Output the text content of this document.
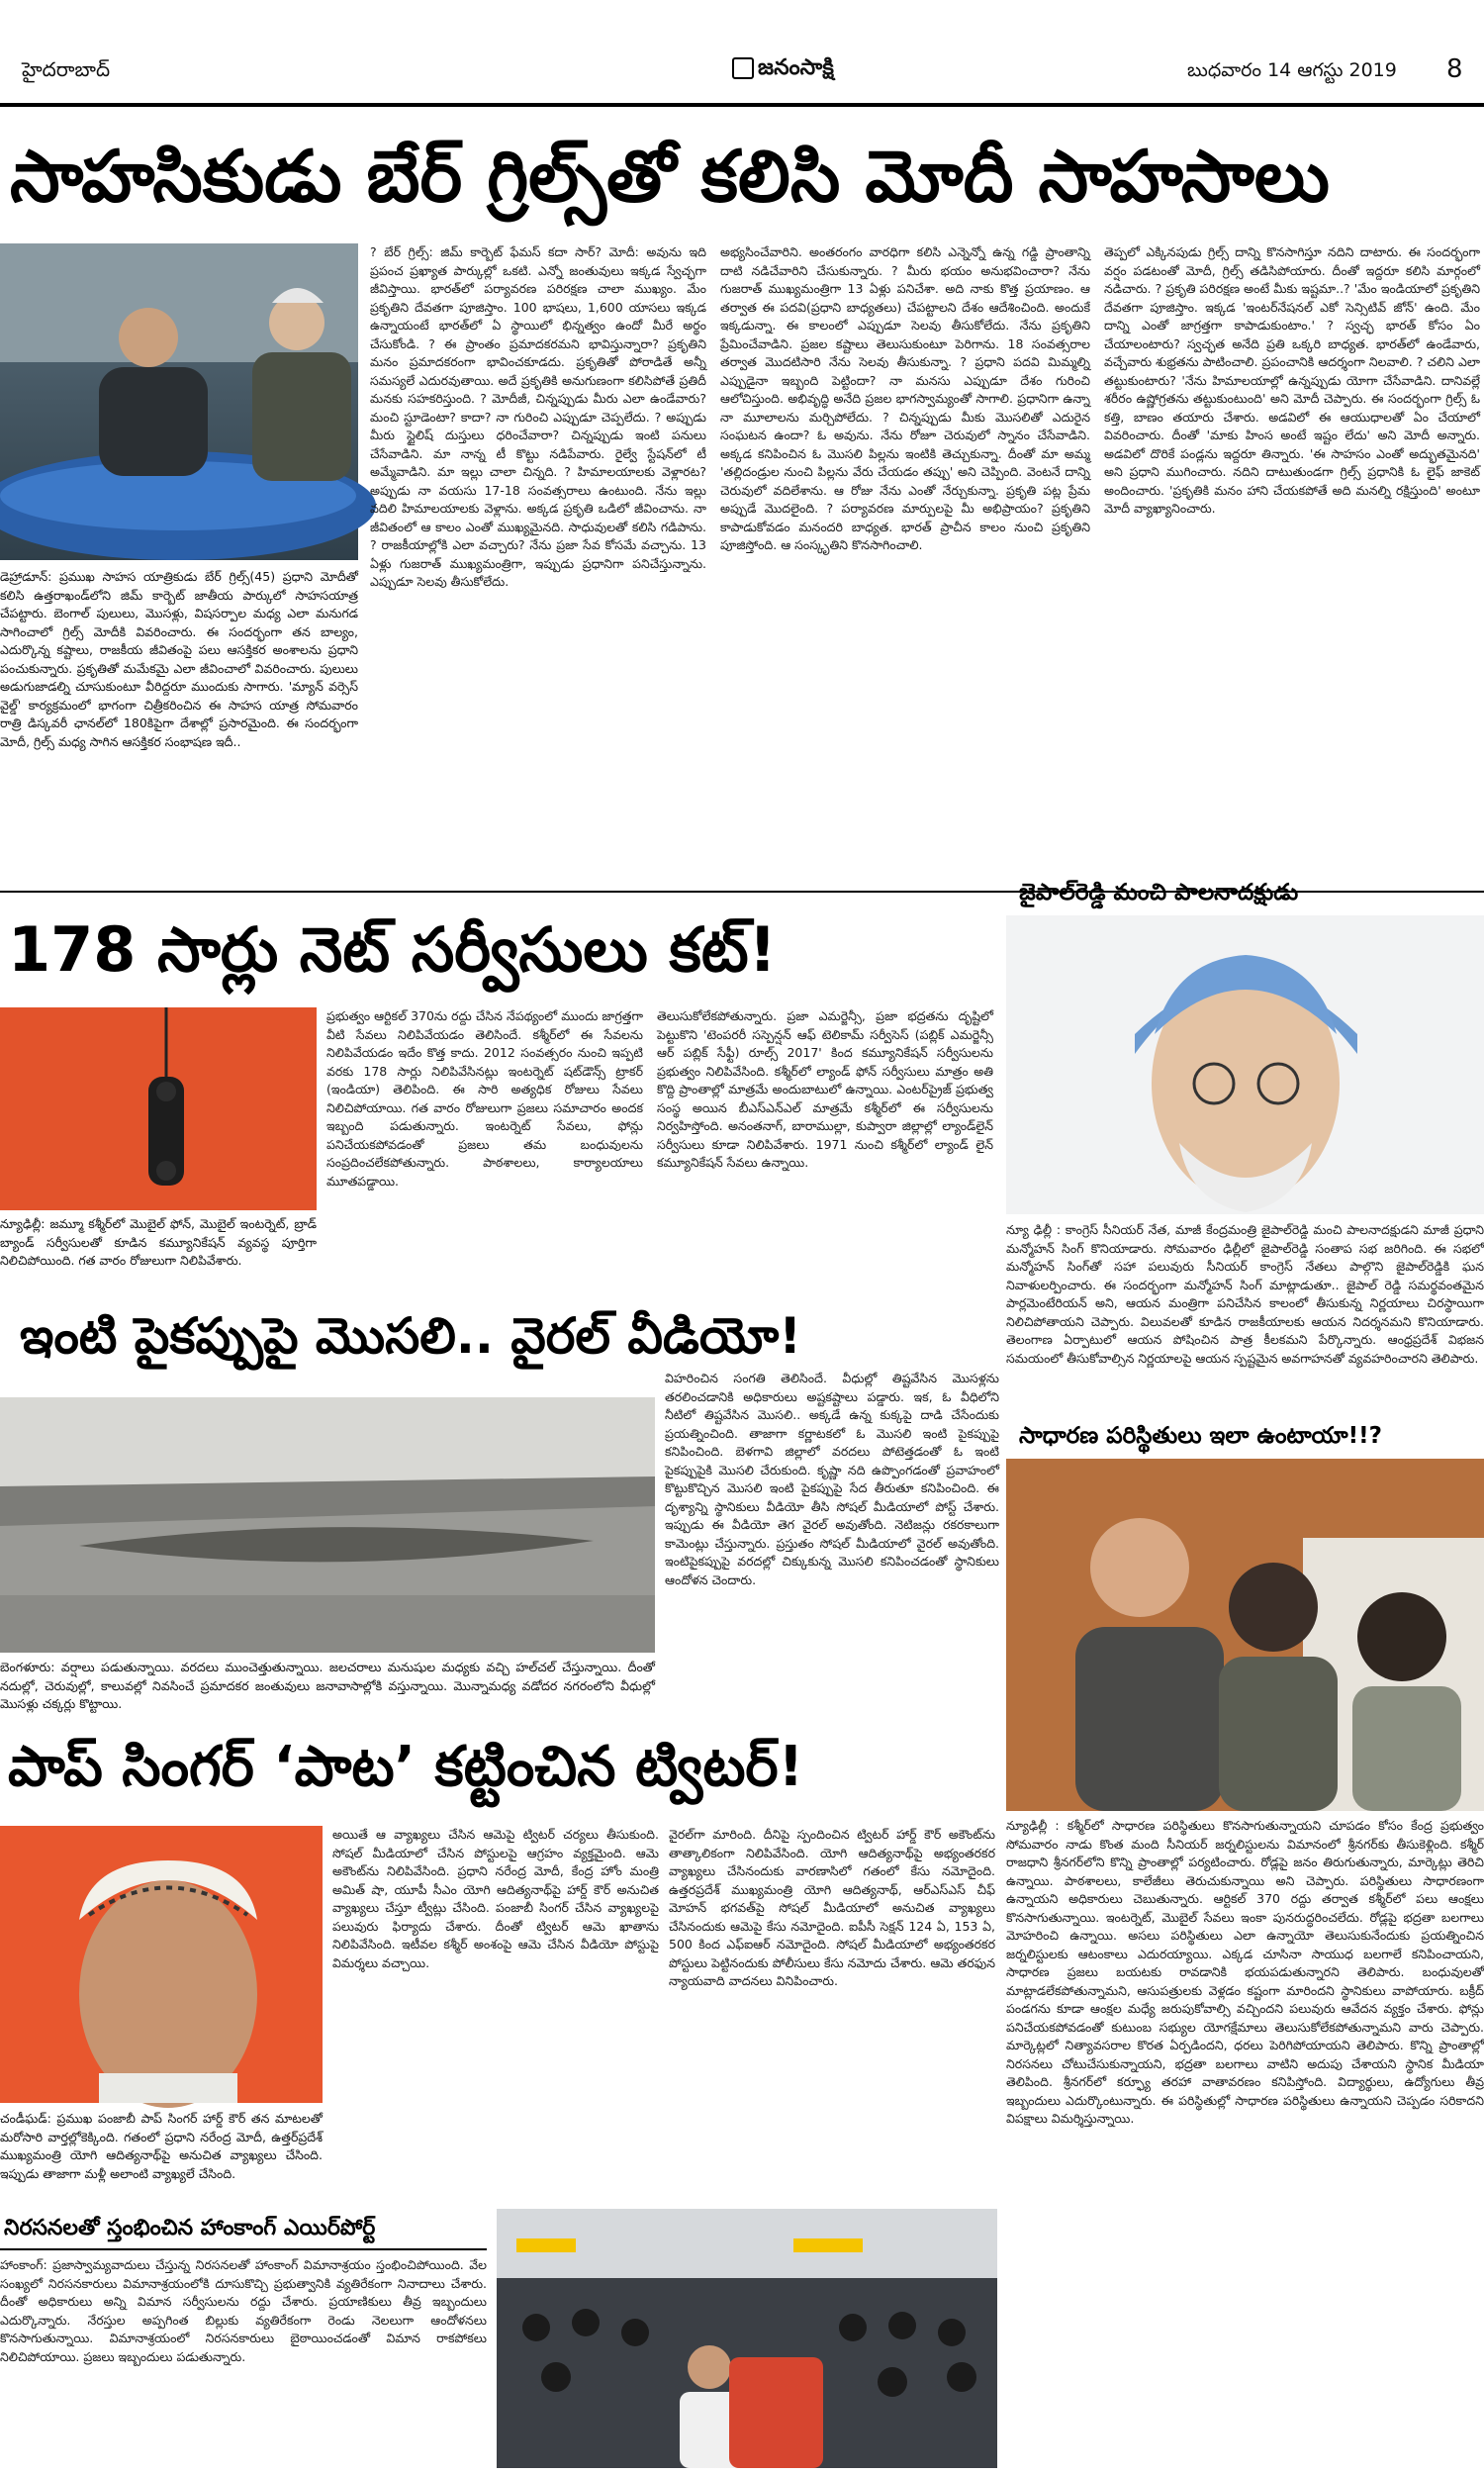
హైదరాబాద్	జనంసాక్షి	బుధవారం 14 ఆగస్టు 2019 8
సాహసికుడు బేర్ గ్రిల్స్‌తో కలిసి మోదీ సాహసాలు
డెహ్రాడూన్: ప్రముఖ సాహస యాత్రికుడు బేర్ గ్రిల్స్(45) ప్రధాని మోదీతో కలిసి ఉత్తరాఖండ్‌లోని జిమ్ కార్బెట్ జాతీయ పార్కులో సాహసయాత్ర చేపట్టారు. బెంగాల్ పులులు, మొసళ్లు, విషసర్పాల మధ్య ఎలా మనుగడ సాగించాలో గ్రిల్స్ మోదీకి వివరించారు. ఈ సందర్భంగా తన బాల్యం, ఎదుర్కొన్న కష్టాలు, రాజకీయ జీవితంపై పలు ఆసక్తికర అంశాలను ప్రధాని పంచుకున్నారు. ప్రకృతితో మమేకమై ఎలా జీవించాలో వివరించారు. పులులు అడుగుజాడల్ని చూసుకుంటూ వీరిద్దరూ ముందుకు సాగారు. 'మ్యాన్ వర్సెస్ వైల్డ్' కార్యక్రమంలో భాగంగా చిత్రీకరించిన ఈ సాహస యాత్ర సోమవారం రాత్రి డిస్కవరీ ఛానల్‌లో 180కిపైగా దేశాల్లో ప్రసారమైంది. ఈ సందర్భంగా మోదీ, గ్రిల్స్ మధ్య సాగిన ఆసక్తికర సంభాషణ ఇదీ..
? బేర్ గ్రిల్స్: జిమ్ కార్బెట్ ఫేమస్ కదా సార్? మోదీ: అవును ఇది ప్రపంచ ప్రఖ్యాత పార్కుల్లో ఒకటి. ఎన్నో జంతువులు ఇక్కడ స్వేచ్ఛగా జీవిస్తాయి. భారత్‌లో పర్యావరణ పరిరక్షణ చాలా ముఖ్యం. మేం ప్రకృతిని దేవతగా పూజిస్తాం. 100 భాషలు, 1,600 యాసలు ఇక్కడ ఉన్నాయంటే భారత్‌లో ఏ స్థాయిలో భిన్నత్వం ఉందో మీరే అర్థం చేసుకోండి. ? ఈ ప్రాంతం ప్రమాదకరమని భావిస్తున్నారా? ప్రకృతిని మనం ప్రమాదకరంగా భావించకూడదు. ప్రకృతితో పోరాడితే అన్నీ సమస్యలే ఎదురవుతాయి. అదే ప్రకృతికి అనుగుణంగా కలిసిపోతే ప్రతిదీ మనకు సహకరిస్తుంది. ? మోదీజీ, చిన్నప్పుడు మీరు ఎలా ఉండేవారు? మంచి స్టూడెంటా? కాదా? నా గురించి ఎప్పుడూ చెప్పలేదు. ? అప్పుడు మీరు స్టైలిష్ దుస్తులు ధరించేవారా? చిన్నప్పుడు ఇంటి పనులు చేసేవాడిని. మా నాన్న టీ కొట్టు నడిపేవారు. రైల్వే స్టేషన్‌లో టీ అమ్మేవాడిని. మా ఇల్లు చాలా చిన్నది. ? హిమాలయాలకు వెళ్లారట? అప్పుడు నా వయసు 17-18 సంవత్సరాలు ఉంటుంది. నేను ఇల్లు వదిలి హిమాలయాలకు వెళ్లాను. అక్కడ ప్రకృతి ఒడిలో జీవించాను. నా జీవితంలో ఆ కాలం ఎంతో ముఖ్యమైనది. సాధువులతో కలిసి గడిపాను. ? రాజకీయాల్లోకి ఎలా వచ్చారు? నేను ప్రజా సేవ కోసమే వచ్చాను. 13 ఏళ్లు గుజరాత్ ముఖ్యమంత్రిగా, ఇప్పుడు ప్రధానిగా పనిచేస్తున్నాను. ఎప్పుడూ సెలవు తీసుకోలేదు.
అభ్యసించేవారిని. అంతరంగం వారధిగా కలిసి ఎన్నెన్నో ఉన్న గడ్డి ప్రాంతాన్ని దాటి నడిచేవారిని చేసుకున్నారు. ? మీరు భయం అనుభవించారా? నేను గుజరాత్ ముఖ్యమంత్రిగా 13 ఏళ్లు పనిచేశా. అది నాకు కొత్త ప్రయాణం. ఆ తర్వాత ఈ పదవి(ప్రధాని బాధ్యతలు) చేపట్టాలని దేశం ఆదేశించింది. అందుకే ఇక్కడున్నా. ఈ కాలంలో ఎప్పుడూ సెలవు తీసుకోలేదు. నేను ప్రకృతిని ప్రేమించేవాడిని. ప్రజల కష్టాలు తెలుసుకుంటూ పెరిగాను. 18 సంవత్సరాల తర్వాత మొదటిసారి నేను సెలవు తీసుకున్నా. ? ప్రధాని పదవి మిమ్మల్ని ఎప్పుడైనా ఇబ్బంది పెట్టిందా? నా మనసు ఎప్పుడూ దేశం గురించి ఆలోచిస్తుంది. అభివృద్ధి అనేది ప్రజల భాగస్వామ్యంతో సాగాలి. ప్రధానిగా ఉన్నా నా మూలాలను మర్చిపోలేదు. ? చిన్నప్పుడు మీకు మొసలితో ఎదురైన సంఘటన ఉందా? ఓ అవును. నేను రోజూ చెరువులో స్నానం చేసేవాడిని. అక్కడ కనిపించిన ఓ మొసలి పిల్లను ఇంటికి తెచ్చుకున్నా. దీంతో మా అమ్మ 'తల్లిదండ్రుల నుంచి పిల్లను వేరు చేయడం తప్పు' అని చెప్పింది. వెంటనే దాన్ని చెరువులో వదిలేశాను. ఆ రోజు నేను ఎంతో నేర్చుకున్నా. ప్రకృతి పట్ల ప్రేమ అప్పుడే మొదలైంది. ? పర్యావరణ మార్పులపై మీ అభిప్రాయం? ప్రకృతిని కాపాడుకోవడం మనందరి బాధ్యత. భారత్ ప్రాచీన కాలం నుంచి ప్రకృతిని పూజిస్తోంది. ఆ సంస్కృతిని కొనసాగించాలి.
తెప్పలో ఎక్కినపుడు గ్రిల్స్ దాన్ని కొనసాగిస్తూ నదిని దాటారు. ఈ సందర్భంగా వర్షం పడటంతో మోదీ, గ్రిల్స్ తడిసిపోయారు. దీంతో ఇద్దరూ కలిసి మార్గంలో నడిచారు. ? ప్రకృతి పరిరక్షణ అంటే మీకు ఇష్టమా..? 'మేం ఇండియాలో ప్రకృతిని దేవతగా పూజిస్తాం. ఇక్కడ 'ఇంటర్‌నేషనల్ ఎకో సెన్సిటివ్ జోన్' ఉంది. మేం దాన్ని ఎంతో జాగ్రత్తగా కాపాడుకుంటాం.' ? స్వచ్ఛ భారత్ కోసం ఏం చేయాలంటారు? స్వచ్ఛత అనేది ప్రతి ఒక్కరి బాధ్యత. భారత్‌లో ఉండేవారు, వచ్చేవారు శుభ్రతను పాటించాలి. ప్రపంచానికి ఆదర్శంగా నిలవాలి. ? చలిని ఎలా తట్టుకుంటారు? 'నేను హిమాలయాల్లో ఉన్నప్పుడు యోగా చేసేవాడిని. దానివల్లే శరీరం ఉష్ణోగ్రతను తట్టుకుంటుంది' అని మోదీ చెప్పారు. ఈ సందర్భంగా గ్రిల్స్ ఓ కత్తి, బాణం తయారు చేశారు. అడవిలో ఈ ఆయుధాలతో ఏం చేయాలో వివరించారు. దీంతో 'మాకు హింస అంటే ఇష్టం లేదు' అని మోదీ అన్నారు. అడవిలో దొరికే పండ్లను ఇద్దరూ తిన్నారు. 'ఈ సాహసం ఎంతో అద్భుతమైనది' అని ప్రధాని ముగించారు. నదిని దాటుతుండగా గ్రిల్స్ ప్రధానికి ఓ లైఫ్ జాకెట్ అందించారు. 'ప్రకృతికి మనం హాని చేయకపోతే అది మనల్ని రక్షిస్తుంది' అంటూ మోదీ వ్యాఖ్యానించారు.
178 సార్లు నెట్ సర్వీసులు కట్!
న్యూఢిల్లీ: జమ్మూ కశ్మీర్‌లో మొబైల్ ఫోన్, మొబైల్ ఇంటర్నెట్, బ్రాడ్ బ్యాండ్ సర్వీసులతో కూడిన కమ్యూనికేషన్ వ్యవస్థ పూర్తిగా నిలిచిపోయింది. గత వారం రోజులుగా నిలిపివేశారు.
ప్రభుత్వం ఆర్టికల్ 370ను రద్దు చేసిన నేపథ్యంలో ముందు జాగ్రత్తగా వీటి సేవలు నిలిపివేయడం తెలిసిందే. కశ్మీర్‌లో ఈ సేవలను నిలిపివేయడం ఇదేం కొత్త కాదు. 2012 సంవత్సరం నుంచి ఇప్పటి వరకు 178 సార్లు నిలిపివేసినట్లు ఇంటర్నెట్ షట్‌డౌన్స్ ట్రాకర్ (ఇండియా) తెలిపింది. ఈ సారి అత్యధిక రోజులు సేవలు నిలిచిపోయాయి. గత వారం రోజులుగా ప్రజలు సమాచారం అందక ఇబ్బంది పడుతున్నారు. ఇంటర్నెట్ సేవలు, ఫోన్లు పనిచేయకపోవడంతో ప్రజలు తమ బంధువులను సంప్రదించలేకపోతున్నారు. పాఠశాలలు, కార్యాలయాలు మూతపడ్డాయి.
తెలుసుకోలేకపోతున్నారు. ప్రజా ఎమర్జెన్సీ, ప్రజా భద్రతను దృష్టిలో పెట్టుకొని 'టెంపరరీ సస్పెన్షన్ ఆఫ్ టెలికామ్ సర్వీసెస్ (పబ్లిక్ ఎమర్జెన్సీ ఆర్ పబ్లిక్ సేఫ్టీ) రూల్స్ 2017' కింద కమ్యూనికేషన్ సర్వీసులను ప్రభుత్వం నిలిపివేసింది. కశ్మీర్‌లో ల్యాండ్ ఫోన్ సర్వీసులు మాత్రం అతి కొద్ది ప్రాంతాల్లో మాత్రమే అందుబాటులో ఉన్నాయి. ఎంటర్‌ప్రైజ్ ప్రభుత్వ సంస్థ అయిన బీఎస్ఎన్ఎల్ మాత్రమే కశ్మీర్‌లో ఈ సర్వీసులను నిర్వహిస్తోంది. అనంతనాగ్, బారాముల్లా, కుప్వారా జిల్లాల్లో ల్యాండ్‌లైన్ సర్వీసులు కూడా నిలిపివేశారు. 1971 నుంచి కశ్మీర్‌లో ల్యాండ్ లైన్ కమ్యూనికేషన్ సేవలు ఉన్నాయి.
జైపాల్‌రెడ్డి మంచి పాలనాదక్షుడు
న్యూ ఢిల్లీ : కాంగ్రెస్ సీనియర్ నేత, మాజీ కేంద్రమంత్రి జైపాల్‌రెడ్డి మంచి పాలనాదక్షుడని మాజీ ప్రధాని మన్మోహన్ సింగ్ కొనియాడారు. సోమవారం ఢిల్లీలో జైపాల్‌రెడ్డి సంతాప సభ జరిగింది. ఈ సభలో మన్మోహన్ సింగ్‌తో సహా పలువురు సీనియర్ కాంగ్రెస్ నేతలు పాల్గొని జైపాల్‌రెడ్డికి ఘన నివాళులర్పించారు. ఈ సందర్భంగా మన్మోహన్ సింగ్ మాట్లాడుతూ.. జైపాల్ రెడ్డి సమర్థవంతమైన పార్లమెంటేరియన్ అని, ఆయన మంత్రిగా పనిచేసిన కాలంలో తీసుకున్న నిర్ణయాలు చిరస్థాయిగా నిలిచిపోతాయని చెప్పారు. విలువలతో కూడిన రాజకీయాలకు ఆయన నిదర్శనమని కొనియాడారు. తెలంగాణ ఏర్పాటులో ఆయన పోషించిన పాత్ర కీలకమని పేర్కొన్నారు. ఆంధ్రప్రదేశ్ విభజన సమయంలో తీసుకోవాల్సిన నిర్ణయాలపై ఆయన స్పష్టమైన అవగాహనతో వ్యవహరించారని తెలిపారు.
ఇంటి పైకప్పుపై మొసలి.. వైరల్ వీడియో!
బెంగళూరు: వర్షాలు పడుతున్నాయి. వరదలు ముంచెత్తుతున్నాయి. జలచరాలు మనుషుల మధ్యకు వచ్చి హల్‌చల్ చేస్తున్నాయి. దీంతో నదుల్లో, చెరువుల్లో, కాలువల్లో నివసించే ప్రమాదకర జంతువులు జనావాసాల్లోకి వస్తున్నాయి. మొన్నామధ్య వడోదర నగరంలోని వీధుల్లో మొసళ్లు చక్కర్లు కొట్టాయి.
విహరించిన సంగతి తెలిసిందే. వీధుల్లో తిష్టవేసిన మొసళ్లను తరలించడానికి అధికారులు అష్టకష్టాలు పడ్డారు. ఇక, ఓ వీధిలోని నీటిలో తిష్టవేసిన మొసలి.. అక్కడే ఉన్న కుక్కపై దాడి చేసేందుకు ప్రయత్నించింది. తాజాగా కర్ణాటకలో ఓ మొసలి ఇంటి పైకప్పుపై కనిపించింది. బెళగావి జిల్లాలో వరదలు పోటెత్తడంతో ఓ ఇంటి పైకప్పుపైకి మొసలి చేరుకుంది. కృష్ణా నది ఉప్పొంగడంతో ప్రవాహంలో కొట్టుకొచ్చిన మొసలి ఇంటి పైకప్పుపై సేద తీరుతూ కనిపించింది. ఈ దృశ్యాన్ని స్థానికులు వీడియో తీసి సోషల్ మీడియాలో పోస్ట్ చేశారు. ఇప్పుడు ఈ వీడియో తెగ వైరల్ అవుతోంది. నెటిజన్లు రకరకాలుగా కామెంట్లు చేస్తున్నారు. ప్రస్తుతం సోషల్ మీడియాలో వైరల్ అవుతోంది. ఇంటిపైకప్పుపై వరదల్లో చిక్కుకున్న మొసలి కనిపించడంతో స్థానికులు ఆందోళన చెందారు.
సాధారణ పరిస్థితులు ఇలా ఉంటాయా!!?
న్యూఢిల్లీ : కశ్మీర్‌లో సాధారణ పరిస్థితులు కొనసాగుతున్నాయని చూపడం కోసం కేంద్ర ప్రభుత్వం సోమవారం నాడు కొంత మంది సీనియర్ జర్నలిస్టులను విమానంలో శ్రీనగర్‌కు తీసుకెళ్లింది. కశ్మీర్ రాజధాని శ్రీనగర్‌లోని కొన్ని ప్రాంతాల్లో పర్యటించారు. రోడ్లపై జనం తిరుగుతున్నారు, మార్కెట్లు తెరిచి ఉన్నాయి. పాఠశాలలు, కాలేజీలు తెరుచుకున్నాయి అని చెప్పారు. పరిస్థితులు సాధారణంగా ఉన్నాయని అధికారులు చెబుతున్నారు. ఆర్టికల్ 370 రద్దు తర్వాత కశ్మీర్‌లో పలు ఆంక్షలు కొనసాగుతున్నాయి. ఇంటర్నెట్, మొబైల్ సేవలు ఇంకా పునరుద్ధరించలేదు. రోడ్లపై భద్రతా బలగాలు మోహరించి ఉన్నాయి. అసలు పరిస్థితులు ఎలా ఉన్నాయో తెలుసుకునేందుకు ప్రయత్నించిన జర్నలిస్టులకు ఆటంకాలు ఎదురయ్యాయి. ఎక్కడ చూసినా సాయుధ బలగాలే కనిపించాయని, సాధారణ ప్రజలు బయటకు రావడానికి భయపడుతున్నారని తెలిపారు. బంధువులతో మాట్లాడలేకపోతున్నామని, ఆసుపత్రులకు వెళ్లడం కష్టంగా మారిందని స్థానికులు వాపోయారు. బక్రీద్ పండగను కూడా ఆంక్షల మధ్యే జరుపుకోవాల్సి వచ్చిందని పలువురు ఆవేదన వ్యక్తం చేశారు. ఫోన్లు పనిచేయకపోవడంతో కుటుంబ సభ్యుల యోగక్షేమాలు తెలుసుకోలేకపోతున్నామని వారు చెప్పారు. మార్కెట్లలో నిత్యావసరాల కొరత ఏర్పడిందని, ధరలు పెరిగిపోయాయని తెలిపారు. కొన్ని ప్రాంతాల్లో నిరసనలు చోటుచేసుకున్నాయని, భద్రతా బలగాలు వాటిని అదుపు చేశాయని స్థానిక మీడియా తెలిపింది. శ్రీనగర్‌లో కర్ఫ్యూ తరహా వాతావరణం కనిపిస్తోంది. విద్యార్థులు, ఉద్యోగులు తీవ్ర ఇబ్బందులు ఎదుర్కొంటున్నారు. ఈ పరిస్థితుల్లో సాధారణ పరిస్థితులు ఉన్నాయని చెప్పడం సరికాదని విపక్షాలు విమర్శిస్తున్నాయి.
పాప్ సింగర్ ‘పాట’ కట్టించిన ట్విటర్!
చండీఘడ్: ప్రముఖ పంజాబీ పాప్ సింగర్ హార్డ్ కౌర్ తన మాటలతో మరోసారి వార్తల్లోకెక్కింది. గతంలో ప్రధాని నరేంద్ర మోదీ, ఉత్తర్‌ప్రదేశ్ ముఖ్యమంత్రి యోగి ఆదిత్యనాథ్‌పై అనుచిత వ్యాఖ్యలు చేసింది. ఇప్పుడు తాజాగా మళ్లీ అలాంటి వ్యాఖ్యలే చేసింది.
అయితే ఆ వ్యాఖ్యలు చేసిన ఆమెపై ట్విటర్ చర్యలు తీసుకుంది. సోషల్ మీడియాలో చేసిన పోస్టులపై ఆగ్రహం వ్యక్తమైంది. ఆమె అకౌంట్‌ను నిలిపివేసింది. ప్రధాని నరేంద్ర మోదీ, కేంద్ర హోం మంత్రి అమిత్ షా, యూపీ సీఎం యోగి ఆదిత్యనాథ్‌పై హార్డ్ కౌర్ అనుచిత వ్యాఖ్యలు చేస్తూ ట్వీట్లు చేసింది. పంజాబీ సింగర్ చేసిన వ్యాఖ్యలపై పలువురు ఫిర్యాదు చేశారు. దీంతో ట్విటర్ ఆమె ఖాతాను నిలిపివేసింది. ఇటీవల కశ్మీర్ అంశంపై ఆమె చేసిన వీడియో పోస్టుపై విమర్శలు వచ్చాయి.
వైరల్‌గా మారింది. దీనిపై స్పందించిన ట్విటర్ హార్డ్ కౌర్ అకౌంట్‌ను తాత్కాలికంగా నిలిపివేసింది. యోగి ఆదిత్యనాథ్‌పై అభ్యంతరకర వ్యాఖ్యలు చేసినందుకు వారణాసిలో గతంలో కేసు నమోదైంది. ఉత్తరప్రదేశ్ ముఖ్యమంత్రి యోగి ఆదిత్యనాథ్, ఆర్ఎస్ఎస్ చీఫ్ మోహన్ భగవత్‌పై సోషల్ మీడియాలో అనుచిత వ్యాఖ్యలు చేసినందుకు ఆమెపై కేసు నమోదైంది. ఐపీసీ సెక్షన్ 124 ఏ, 153 ఏ, 500 కింద ఎఫ్ఐఆర్ నమోదైంది. సోషల్ మీడియాలో అభ్యంతరకర పోస్టులు పెట్టినందుకు పోలీసులు కేసు నమోదు చేశారు. ఆమె తరఫున న్యాయవాది వాదనలు వినిపించారు.
నిరసనలతో స్తంభించిన హాంకాంగ్ ఎయిర్‌పోర్ట్
హాంకాంగ్: ప్రజాస్వామ్యవాదులు చేస్తున్న నిరసనలతో హాంకాంగ్ విమానాశ్రయం స్తంభించిపోయింది. వేల సంఖ్యలో నిరసనకారులు విమానాశ్రయంలోకి దూసుకొచ్చి ప్రభుత్వానికి వ్యతిరేకంగా నినాదాలు చేశారు. దీంతో అధికారులు అన్ని విమాన సర్వీసులను రద్దు చేశారు. ప్రయాణికులు తీవ్ర ఇబ్బందులు ఎదుర్కొన్నారు. నేరస్తుల అప్పగింత బిల్లుకు వ్యతిరేకంగా రెండు నెలలుగా ఆందోళనలు కొనసాగుతున్నాయి. విమానాశ్రయంలో నిరసనకారులు బైఠాయించడంతో విమాన రాకపోకలు నిలిచిపోయాయి. ప్రజలు ఇబ్బందులు పడుతున్నారు.
